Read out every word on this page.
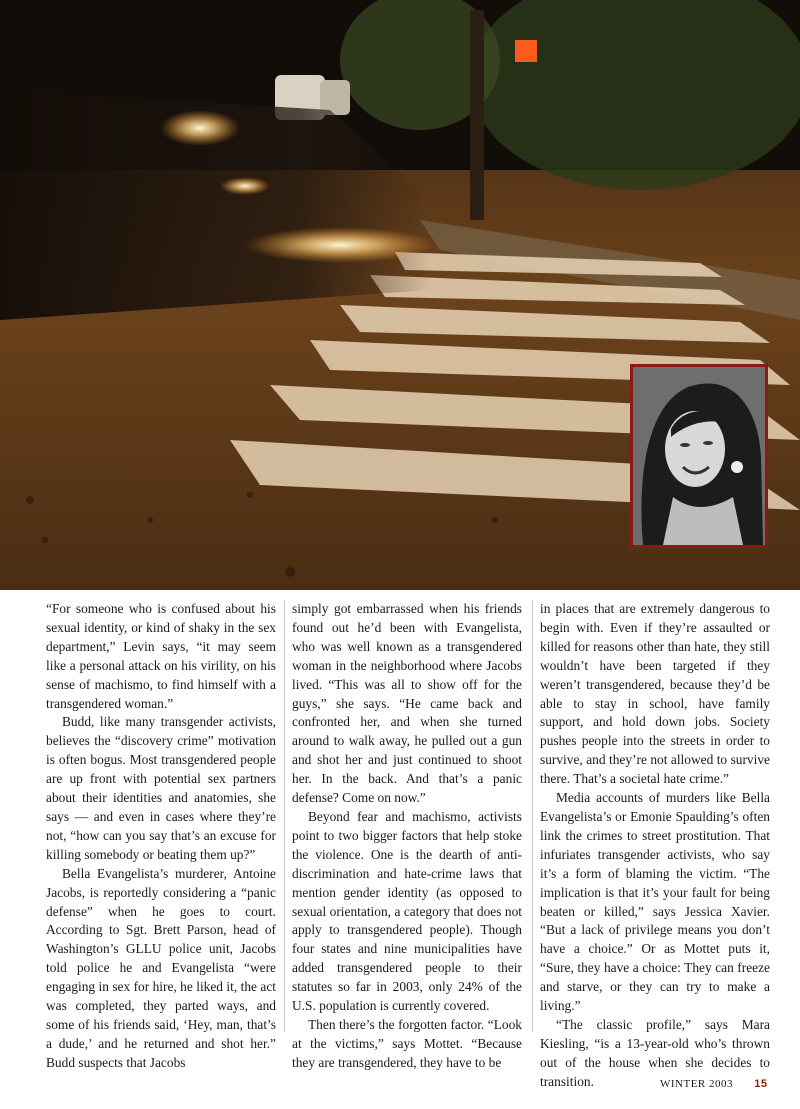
“For someone who is confused about his sexual identity, or kind of shaky in the sex department,” Levin says, “it may seem like a personal attack on his virility, on his sense of machismo, to find himself with a transgendered woman.”

Budd, like many transgender activists, believes the “discovery crime” motivation is often bogus. Most transgendered people are up front with potential sex partners about their identities and anatomies, she says — and even in cases where they’re not, “how can you say that’s an excuse for killing somebody or beating them up?”

Bella Evangelista’s murderer, Antoine Jacobs, is reportedly considering a “panic defense” when he goes to court. According to Sgt. Brett Parson, head of Washington’s GLLU police unit, Jacobs told police he and Evangelista “were engaging in sex for hire, he liked it, the act was completed, they parted ways, and some of his friends said, ‘Hey, man, that’s a dude,’ and he returned and shot her.” Budd suspects that Jacobs

simply got embarrassed when his friends found out he’d been with Evangelista, who was well known as a transgendered woman in the neighborhood where Jacobs lived. “This was all to show off for the guys,” she says. “He came back and confronted her, and when she turned around to walk away, he pulled out a gun and shot her and just continued to shoot her. In the back. And that’s a panic defense? Come on now.”

Beyond fear and machismo, activists point to two bigger factors that help stoke the violence. One is the dearth of anti-discrimination and hate-crime laws that mention gender identity (as opposed to sexual orientation, a category that does not apply to transgendered people). Though four states and nine municipalities have added transgendered people to their statutes so far in 2003, only 24% of the U.S. population is currently covered.

Then there’s the forgotten factor. “Look at the victims,” says Mottet. “Because they are transgendered, they have to be

in places that are extremely dangerous to begin with. Even if they’re assaulted or killed for reasons other than hate, they still wouldn’t have been targeted if they weren’t transgendered, because they’d be able to stay in school, have family support, and hold down jobs. Society pushes people into the streets in order to survive, and they’re not allowed to survive there. That’s a societal hate crime.”

Media accounts of murders like Bella Evangelista’s or Emonie Spaulding’s often link the crimes to street prostitution. That infuriates transgender activists, who say it’s a form of blaming the victim. “The implication is that it’s your fault for being beaten or killed,” says Jessica Xavier. “But a lack of privilege means you don’t have a choice.” Or as Mottet puts it, “Sure, they have a choice: They can freeze and starve, or they can try to make a living.”

“The classic profile,” says Mara Kiesling, “is a 13-year-old who’s thrown out of the house when she decides to transition.	WINTER 2003 15
